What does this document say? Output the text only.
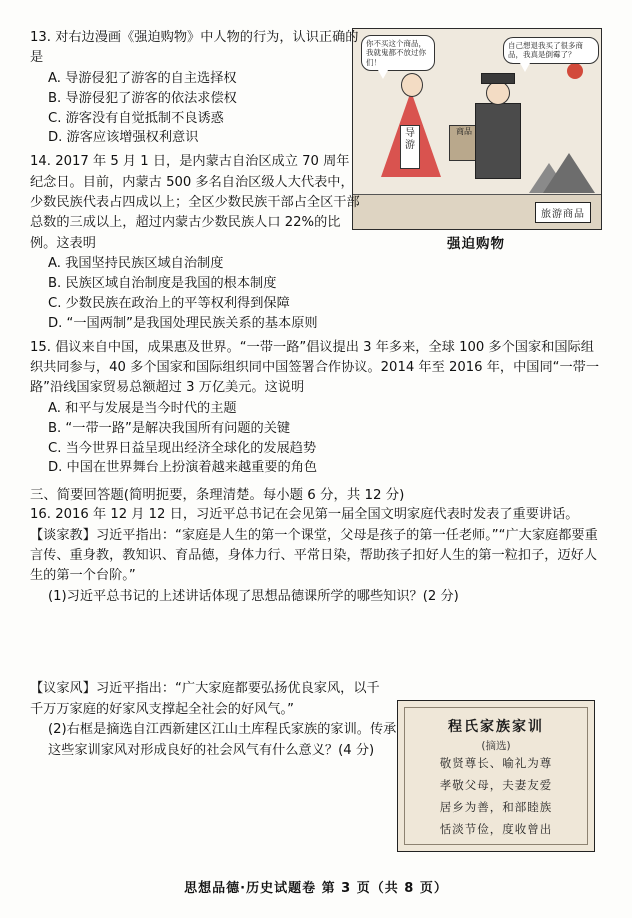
你不买这个商品，我就鬼都不放过你们！
自己想退我买了很多商品，我真是倒霉了？
导游
商品
旅游商品
强迫购物
13. 对右边漫画《强迫购物》中人物的行为，认识正确的是
A. 导游侵犯了游客的自主选择权
B. 导游侵犯了游客的依法求偿权
C. 游客没有自觉抵制不良诱惑
D. 游客应该增强权利意识
14. 2017 年 5 月 1 日，是内蒙古自治区成立 70 周年纪念日。目前，内蒙古 500 多名自治区级人大代表中，少数民族代表占四成以上；全区少数民族干部占全区干部总数的三成以上，超过内蒙古少数民族人口 22%的比例。这表明
A. 我国坚持民族区域自治制度
B. 民族区域自治制度是我国的根本制度
C. 少数民族在政治上的平等权利得到保障
D. “一国两制”是我国处理民族关系的基本原则
15. 倡议来自中国，成果惠及世界。“一带一路”倡议提出 3 年多来，全球 100 多个国家和国际组织共同参与，40 多个国家和国际组织同中国签署合作协议。2014 年至 2016 年，中国同“一带一路”沿线国家贸易总额超过 3 万亿美元。这说明
A. 和平与发展是当今时代的主题
B. “一带一路”是解决我国所有问题的关键
C. 当今世界日益呈现出经济全球化的发展趋势
D. 中国在世界舞台上扮演着越来越重要的角色
三、简要回答题(简明扼要，条理清楚。每小题 6 分，共 12 分)
16. 2016 年 12 月 12 日，习近平总书记在会见第一届全国文明家庭代表时发表了重要讲话。
【谈家教】习近平指出：“家庭是人生的第一个课堂，父母是孩子的第一任老师。”“广大家庭都要重言传、重身教，教知识、育品德，身体力行、平常日染，帮助孩子扣好人生的第一粒扣子，迈好人生的第一个台阶。”
(1)习近平总书记的上述讲话体现了思想品德课所学的哪些知识？(2 分)
【议家风】习近平指出：“广大家庭都要弘扬优良家风，以千千万万家庭的好家风支撑起全社会的好风气。”
(2)右框是摘选自江西新建区江山土库程氏家族的家训。传承这些家训家风对形成良好的社会风气有什么意义？(4 分)
程氏家族家训
(摘选)
敬贤尊长、喻礼为尊
孝敬父母，夫妻友爱
居乡为善，和部睦族
恬淡节俭，度收曾出
思想品德·历史试题卷 第 3 页（共 8 页）
